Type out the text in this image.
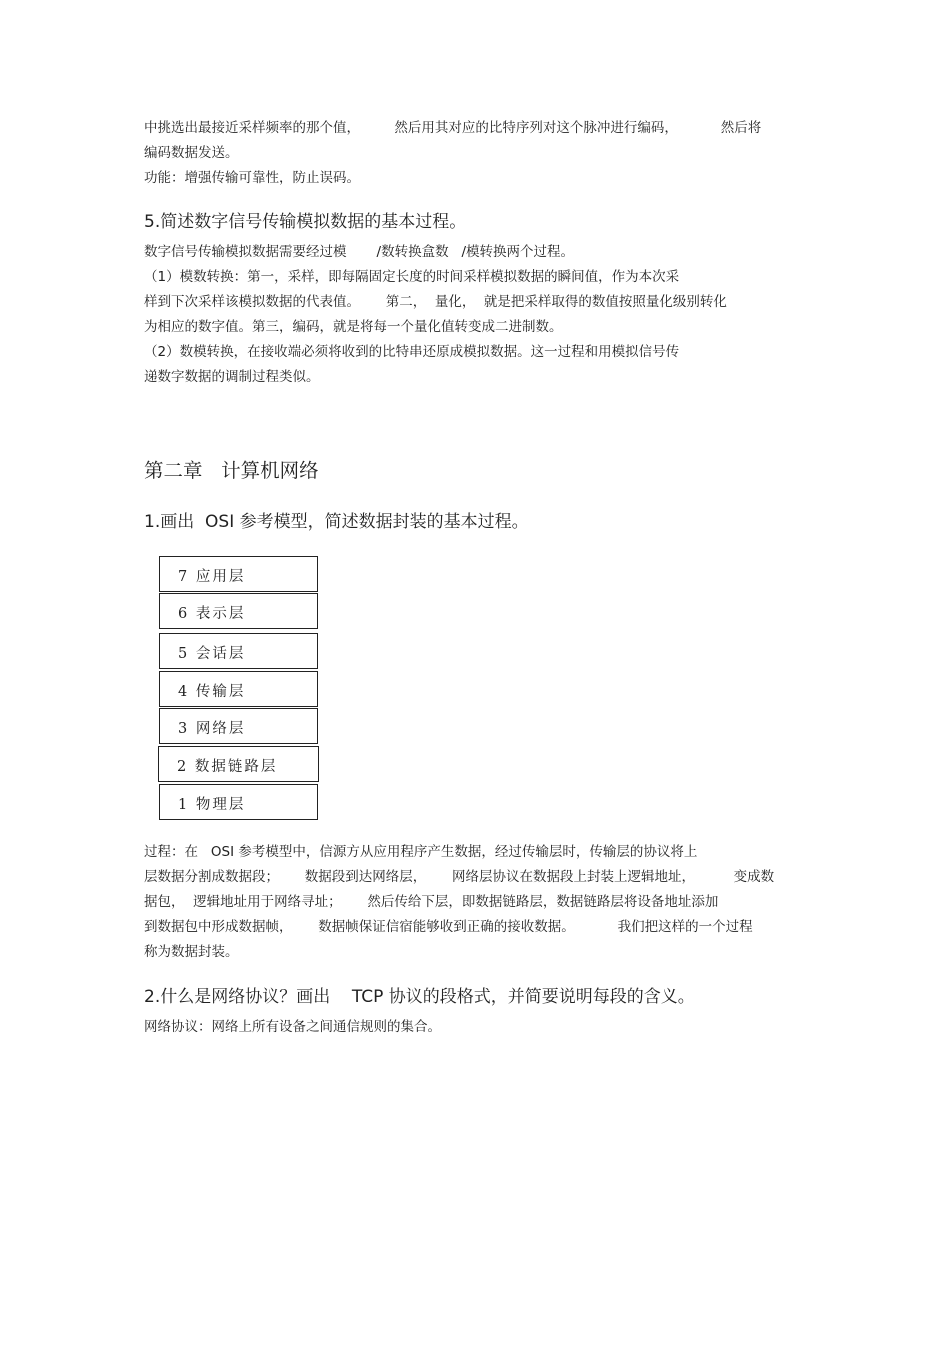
中挑选出最接近采样频率的那个值，        然后用其对应的比特序列对这个脉冲进行编码，          然后将
编码数据发送。
功能：增强传输可靠性，防止误码。
5.简述数字信号传输模拟数据的基本过程。
数字信号传输模拟数据需要经过模       /数转换盒数   /模转换两个过程。
（1）模数转换：第一，采样，即每隔固定长度的时间采样模拟数据的瞬间值，作为本次采
样到下次采样该模拟数据的代表值。      第二，  量化，  就是把采样取得的数值按照量化级别转化
为相应的数字值。第三，编码，就是将每一个量化值转变成二进制数。
（2）数模转换，在接收端必须将收到的比特串还原成模拟数据。这一过程和用模拟信号传
递数字数据的调制过程类似。
第二章   计算机网络
1.画出  OSI 参考模型，简述数据封装的基本过程。
7 应用层
6 表示层
5 会话层
4 传输层
3 网络层
2 数据链路层
1 物理层
过程：在   OSI 参考模型中，信源方从应用程序产生数据，经过传输层时，传输层的协议将上
层数据分割成数据段；      数据段到达网络层，      网络层协议在数据段上封装上逻辑地址，         变成数
据包，  逻辑地址用于网络寻址；      然后传给下层，即数据链路层，数据链路层将设备地址添加
到数据包中形成数据帧，      数据帧保证信宿能够收到正确的接收数据。          我们把这样的一个过程
称为数据封装。
2.什么是网络协议？画出    TCP 协议的段格式，并简要说明每段的含义。
网络协议：网络上所有设备之间通信规则的集合。
